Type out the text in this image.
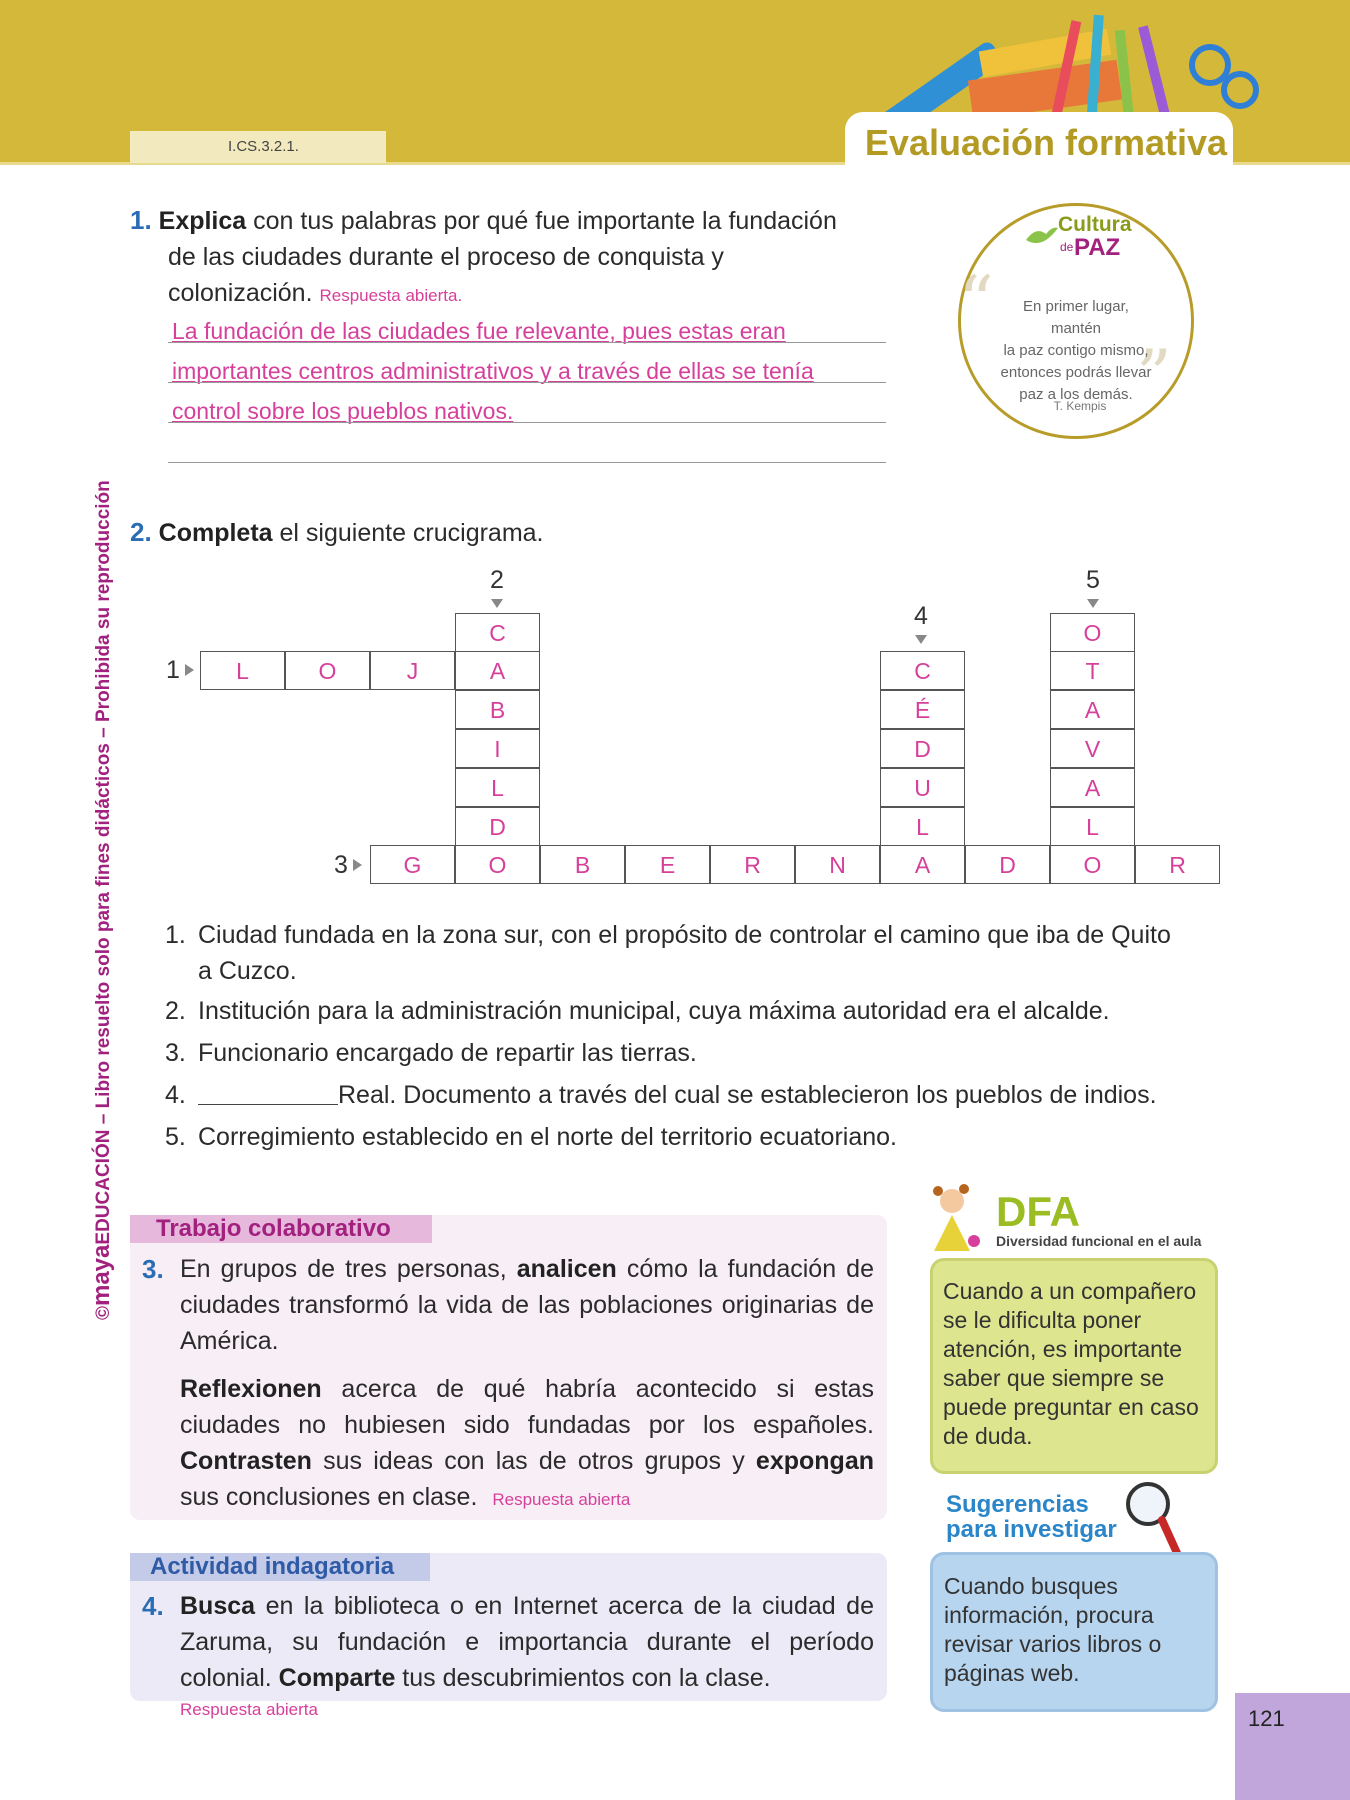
I.CS.3.2.1.	Evaluación formativa
©mayaEDUCACIÓN – Libro resuelto solo para fines didácticos – Prohibida su reproducción
1. Explica con tus palabras por qué fue importante la fundación
de las ciudades durante el proceso de conquista y
colonización. Respuesta abierta.
La fundación de las ciudades fue relevante, pues estas eran
importantes centros administrativos y a través de ellas se tenía
control sobre los pueblos nativos.
Cultura
de PAZ
“
”
En primer lugar, mantén
la paz contigo mismo,
entonces podrás llevar
paz a los demás.
T. Kempis
2. Completa el siguiente crucigrama.
2
4
5
1
3
L	O	J
C
A
B
I
L
D
C
É
D
U
L
O
T
A
V
A
L
G	O	B	E	R	N	A	D	O	R
1. Ciudad fundada en la zona sur, con el propósito de controlar el camino que iba de Quito
a Cuzco.
2. Institución para la administración municipal, cuya máxima autoridad era el alcalde.
3. Funcionario encargado de repartir las tierras.
4.	Real. Documento a través del cual se establecieron los pueblos de indios.
5. Corregimiento establecido en el norte del territorio ecuatoriano.
Trabajo colaborativo
3. En grupos de tres personas, analicen cómo la fundación de ciudades transformó la vida de las poblaciones originarias de América.
Reflexionen acerca de qué habría acontecido si estas ciudades no hubiesen sido fundadas por los españoles. Contrasten sus ideas con las de otros grupos y expongan sus conclusiones en clase. Respuesta abierta
Actividad indagatoria
4. Busca en la biblioteca o en Internet acerca de la ciudad de Zaruma, su fundación e importancia durante el período colonial. Comparte tus descubrimientos con la clase.
Respuesta abierta
DFA
Diversidad funcional en el aula
Cuando a un compañero se le dificulta poner atención, es importante saber que siempre se puede preguntar en caso de duda.
Sugerencias
para investigar
Cuando busques información, procura revisar varios libros o páginas web.
121
